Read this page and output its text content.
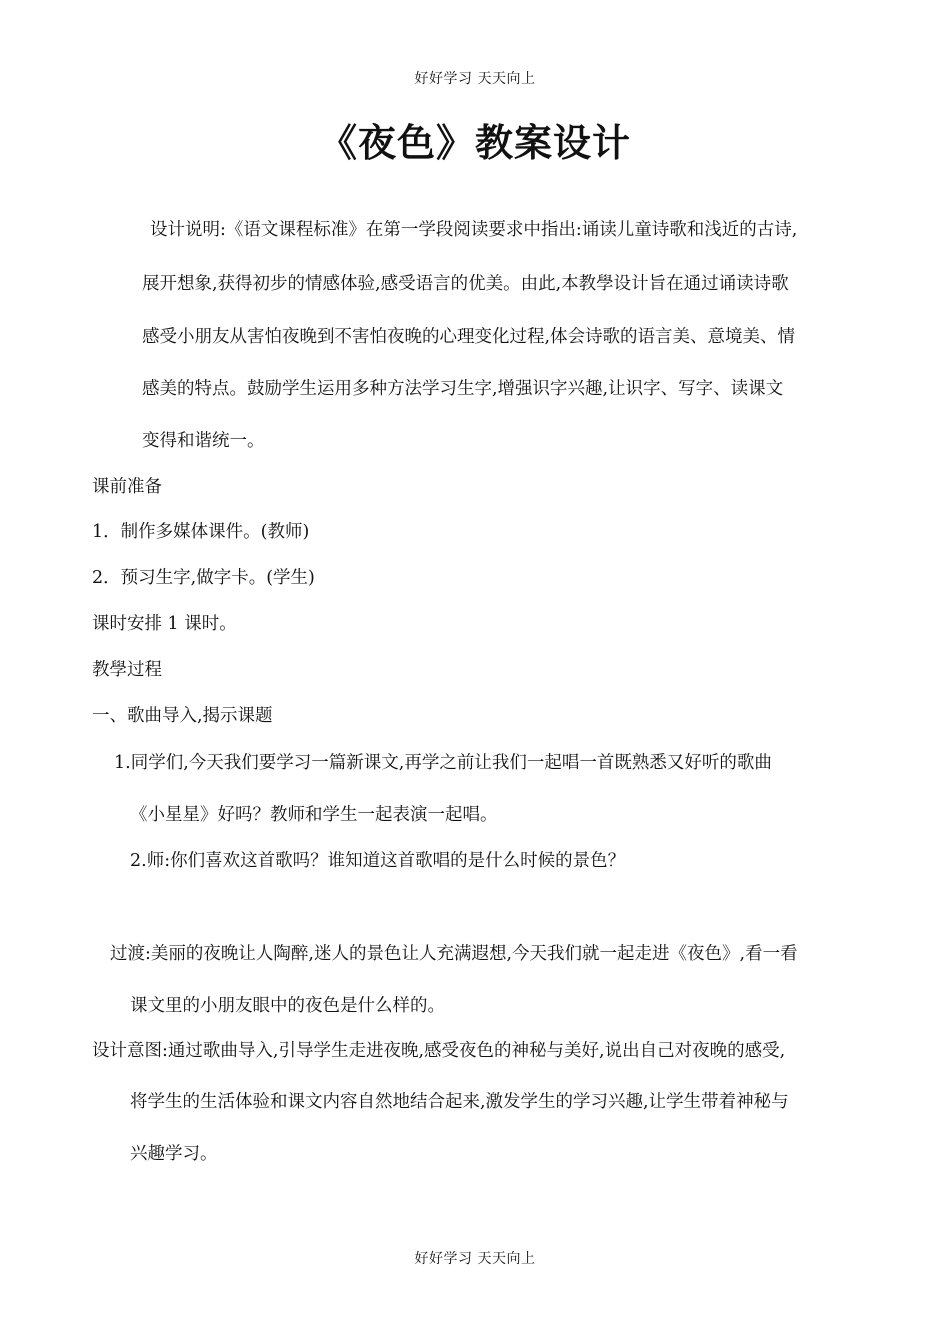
好好学习 天天向上
《夜色》教案设计
设计说明:《语文课程标准》在第一学段阅读要求中指出:诵读儿童诗歌和浅近的古诗,
展开想象,获得初步的情感体验,感受语言的优美。由此,本教學设计旨在通过诵读诗歌
感受小朋友从害怕夜晚到不害怕夜晚的心理变化过程,体会诗歌的语言美、意境美、情
感美的特点。鼓励学生运用多种方法学习生字,增强识字兴趣,让识字、写字、读课文
变得和谐统一。
课前准备
1．制作多媒体课件。(教师)
2．预习生字,做字卡。(学生)
课时安排 1 课时。
教學过程
一、歌曲导入,揭示课题
1.同学们,今天我们要学习一篇新课文,再学之前让我们一起唱一首既熟悉又好听的歌曲
《小星星》好吗？教师和学生一起表演一起唱。
2.师:你们喜欢这首歌吗？谁知道这首歌唱的是什么时候的景色？
过渡:美丽的夜晚让人陶醉,迷人的景色让人充满遐想,今天我们就一起走进《夜色》,看一看
课文里的小朋友眼中的夜色是什么样的。
设计意图:通过歌曲导入,引导学生走进夜晚,感受夜色的神秘与美好,说出自己对夜晚的感受,
将学生的生活体验和课文内容自然地结合起来,激发学生的学习兴趣,让学生带着神秘与
兴趣学习。
好好学习 天天向上
